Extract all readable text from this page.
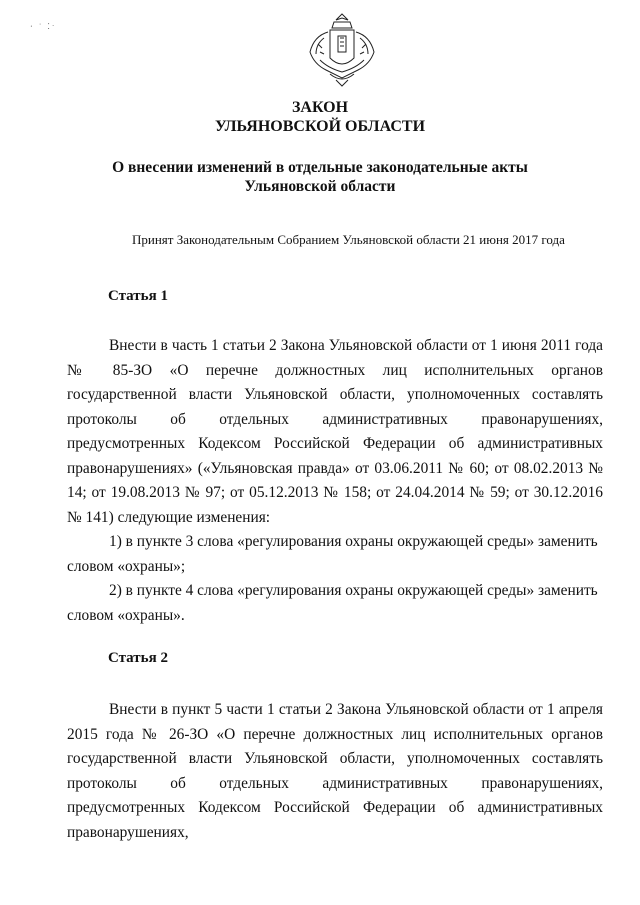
⋅ ˙ ⁚ˑ
ЗАКОН
УЛЬЯНОВСКОЙ ОБЛАСТИ
О внесении изменений в отдельные законодательные акты
Ульяновской области
Принят Законодательным Собранием Ульяновской области 21 июня 2017 года
Статья 1

Внести в часть 1 статьи 2 Закона Ульяновской области от 1 июня 2011 года № 85-ЗО «О перечне должностных лиц исполнительных органов государственной власти Ульяновской области, уполномоченных составлять протоколы об отдельных административных правонарушениях, предусмотренных Кодексом Российской Федерации об административных правонарушениях» («Ульяновская правда» от 03.06.2011 № 60; от 08.02.2013 № 14; от 19.08.2013 № 97; от 05.12.2013 № 158; от 24.04.2014 № 59; от 30.12.2016 № 141) следующие изменения:

1) в пункте 3 слова «регулирования охраны окружающей среды» заменить

словом «охраны»;

2) в пункте 4 слова «регулирования охраны окружающей среды» заменить

словом «охраны».

Статья 2

Внести в пункт 5 части 1 статьи 2 Закона Ульяновской области от 1 апреля 2015 года № 26-ЗО «О перечне должностных лиц исполнительных органов государственной власти Ульяновской области, уполномоченных составлять протоколы об отдельных административных правонарушениях, предусмотренных Кодексом Российской Федерации об административных правонарушениях,
